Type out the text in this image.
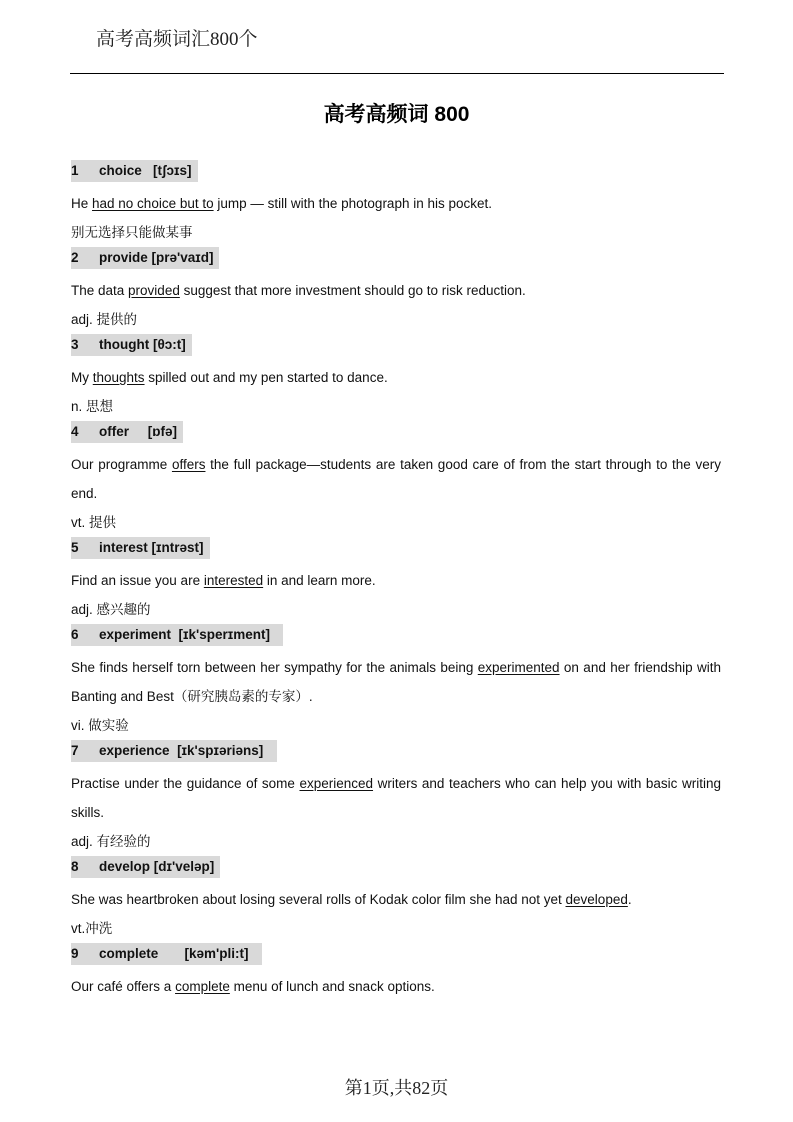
高考高频词汇800个
高考高频词 800
1 choice [tʃɔɪs]

He had no choice but to jump — still with the photograph in his pocket.

别无选择只能做某事

2 provide [prə'vaɪd]

The data provided suggest that more investment should go to risk reduction.

adj. 提供的

3 thought [θɔ:t]

My thoughts spilled out and my pen started to dance.

n. 思想

4 offer [ɒfə]

Our programme offers the full package—students are taken good care of from the start through to the very end.

vt. 提供

5 interest [ɪntrəst]

Find an issue you are interested in and learn more.

adj. 感兴趣的

6 experiment [ɪk'sperɪment]

She finds herself torn between her sympathy for the animals being experimented on and her friendship with Banting and Best（研究胰岛素的专家）.

vi. 做实验

7 experience [ɪk'spɪəriəns]

Practise under the guidance of some experienced writers and teachers who can help you with basic writing skills.

adj. 有经验的

8 develop [dɪ'veləp]

She was heartbroken about losing several rolls of Kodak color film she had not yet developed.

vt.冲洗

9 complete [kəm'pli:t]

Our café offers a complete menu of lunch and snack options.

第1页,共82页
